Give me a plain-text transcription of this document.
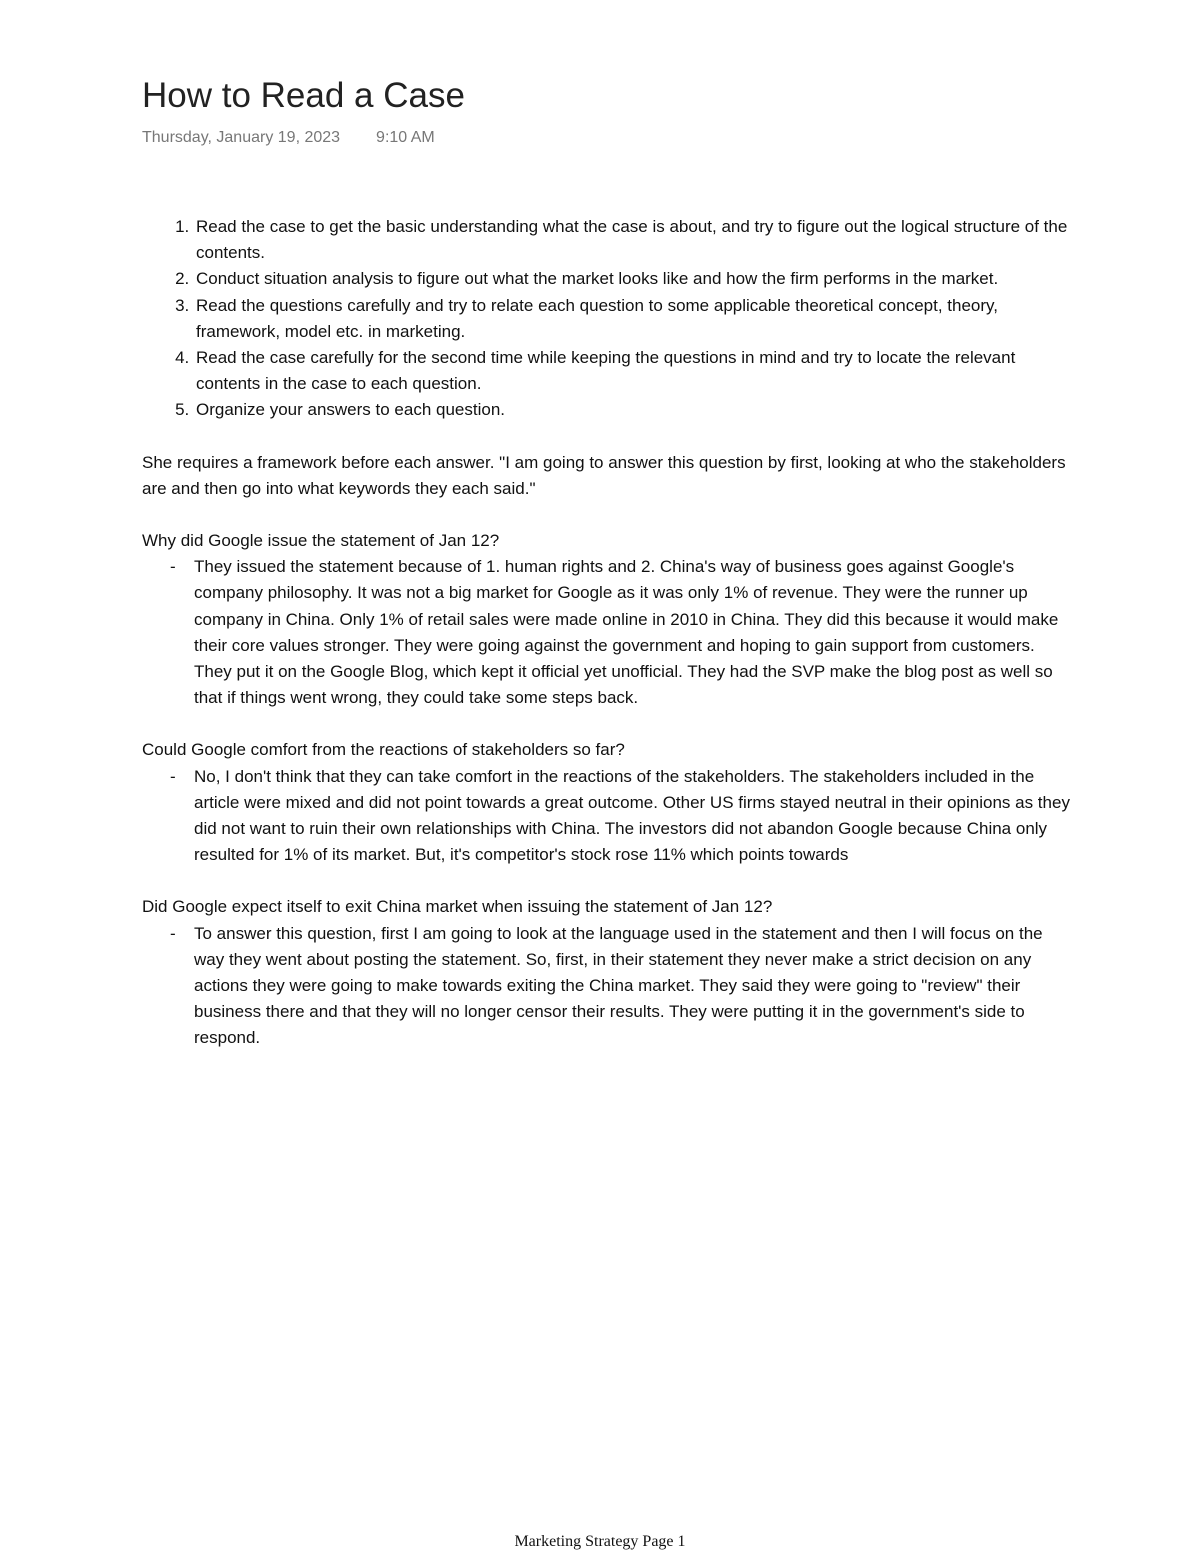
How to Read a Case
Thursday, January 19, 2023 9:10 AM
1. Read the case to get the basic understanding what the case is about, and try to figure out the logical structure of the contents.
2. Conduct situation analysis to figure out what the market looks like and how the firm performs in the market.
3. Read the questions carefully and try to relate each question to some applicable theoretical concept, theory, framework, model etc. in marketing.
4. Read the case carefully for the second time while keeping the questions in mind and try to locate the relevant contents in the case to each question.
5. Organize your answers to each question.

She requires a framework before each answer. "I am going to answer this question by first, looking at who the stakeholders are and then go into what keywords they each said."

Why did Google issue the statement of Jan 12?
- They issued the statement because of 1. human rights and 2. China's way of business goes against Google's company philosophy. It was not a big market for Google as it was only 1% of revenue. They were the runner up company in China. Only 1% of retail sales were made online in 2010 in China. They did this because it would make their core values stronger. They were going against the government and hoping to gain support from customers. They put it on the Google Blog, which kept it official yet unofficial. They had the SVP make the blog post as well so that if things went wrong, they could take some steps back.
Could Google comfort from the reactions of stakeholders so far?
- No, I don't think that they can take comfort in the reactions of the stakeholders. The stakeholders included in the article were mixed and did not point towards a great outcome. Other US firms stayed neutral in their opinions as they did not want to ruin their own relationships with China. The investors did not abandon Google because China only resulted for 1% of its market. But, it's competitor's stock rose 11% which points towards
Did Google expect itself to exit China market when issuing the statement of Jan 12?
- To answer this question, first I am going to look at the language used in the statement and then I will focus on the way they went about posting the statement. So, first, in their statement they never make a strict decision on any actions they were going to make towards exiting the China market. They said they were going to "review" their business there and that they will no longer censor their results. They were putting it in the government's side to respond.
Marketing Strategy Page 1
